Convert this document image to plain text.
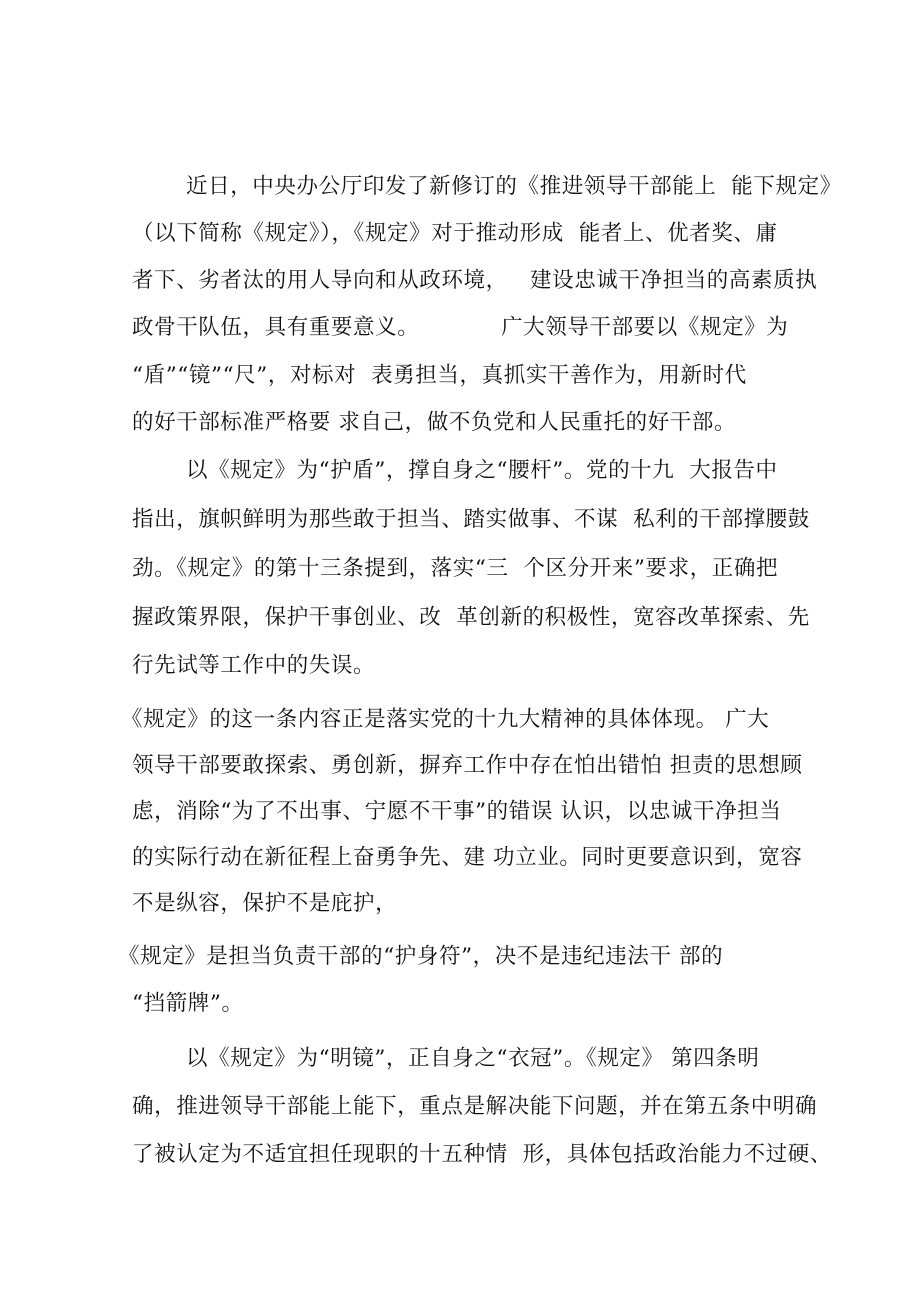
近日，中央办公厅印发了新修订的《推进领导干部能上  能下规定》
（以下简称《规定》），《规定》对于推动形成  能者上、优者奖、庸
者下、劣者汰的用人导向和从政环境，   建设忠诚干净担当的高素质执
政骨干队伍，具有重要意义。           广大领导干部要以《规定》为
“盾”“镜”“尺”，对标对  表勇担当，真抓实干善作为，用新时代
的好干部标准严格要 求自己，做不负党和人民重托的好干部。
以《规定》为“护盾”，撑自身之“腰杆”。党的十九  大报告中
指出，旗帜鲜明为那些敢于担当、踏实做事、不谋  私利的干部撑腰鼓
劲。《规定》的第十三条提到，落实“三  个区分开来”要求，正确把
握政策界限，保护干事创业、改  革创新的积极性，宽容改革探索、先
行先试等工作中的失误。
《规定》的这一条内容正是落实党的十九大精神的具体体现。 广大
领导干部要敢探索、勇创新，摒弃工作中存在怕出错怕 担责的思想顾
虑，消除“为了不出事、宁愿不干事”的错误 认识，以忠诚干净担当
的实际行动在新征程上奋勇争先、建 功立业。同时更要意识到，宽容
不是纵容，保护不是庇护，
《规定》是担当负责干部的“护身符”，决不是违纪违法干 部的
“挡箭牌”。
以《规定》为“明镜”，正自身之“衣冠”。《规定》 第四条明
确，推进领导干部能上能下，重点是解决能下问题，并在第五条中明确
了被认定为不适宜担任现职的十五种情  形，具体包括政治能力不过硬、
